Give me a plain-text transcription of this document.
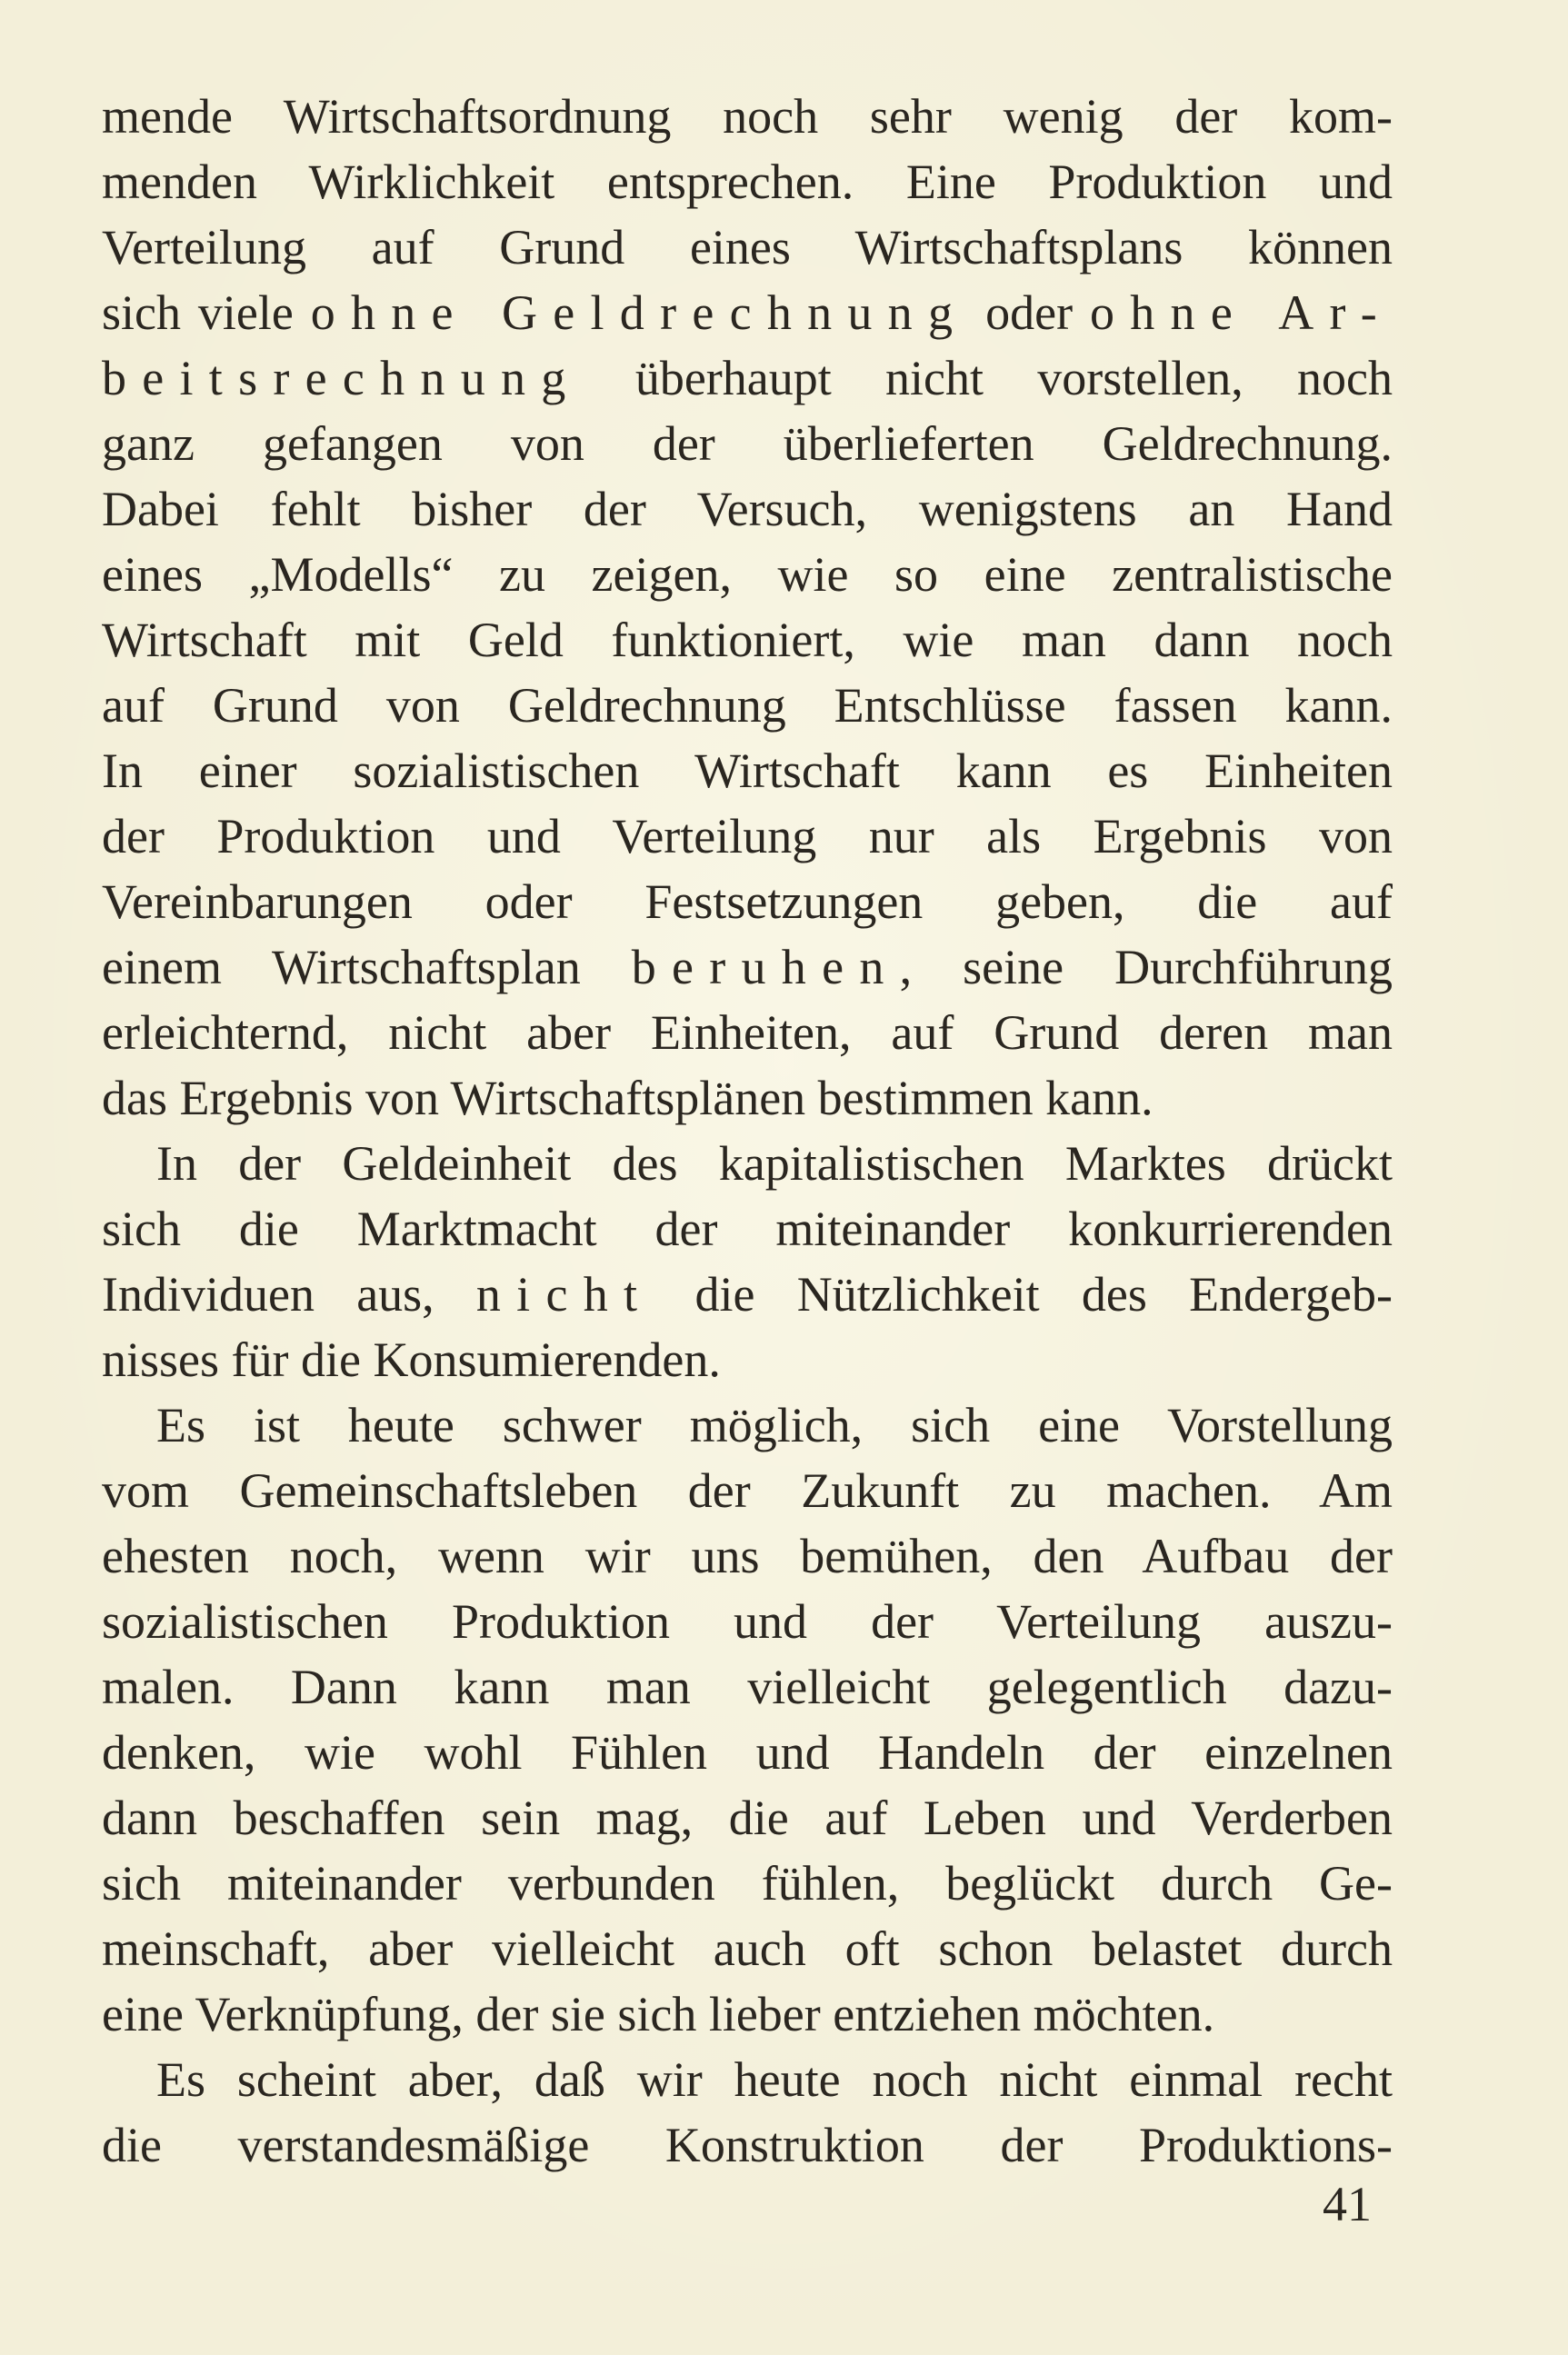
mende Wirtschaftsordnung noch sehr wenig der kom-
menden Wirklichkeit entsprechen. Eine Produktion und
Verteilung auf Grund eines Wirtschaftsplans können
sich viele ohne Geldrechnung oder ohne Ar-
beitsrechnung überhaupt nicht vorstellen, noch
ganz gefangen von der überlieferten Geldrechnung.
Dabei fehlt bisher der Versuch, wenigstens an Hand
eines „Modells“ zu zeigen, wie so eine zentralistische
Wirtschaft mit Geld funktioniert, wie man dann noch
auf Grund von Geldrechnung Entschlüsse fassen kann.
In einer sozialistischen Wirtschaft kann es Einheiten
der Produktion und Verteilung nur als Ergebnis von
Vereinbarungen oder Festsetzungen geben, die auf
einem Wirtschaftsplan beruhen, seine Durchführung
erleichternd, nicht aber Einheiten, auf Grund deren man
das Ergebnis von Wirtschaftsplänen bestimmen kann.
In der Geldeinheit des kapitalistischen Marktes drückt
sich die Marktmacht der miteinander konkurrierenden
Individuen aus, nicht die Nützlichkeit des Endergeb-
nisses für die Konsumierenden.
Es ist heute schwer möglich, sich eine Vorstellung
vom Gemeinschaftsleben der Zukunft zu machen. Am
ehesten noch, wenn wir uns bemühen, den Aufbau der
sozialistischen Produktion und der Verteilung auszu-
malen. Dann kann man vielleicht gelegentlich dazu-
denken, wie wohl Fühlen und Handeln der einzelnen
dann beschaffen sein mag, die auf Leben und Verderben
sich miteinander verbunden fühlen, beglückt durch Ge-
meinschaft, aber vielleicht auch oft schon belastet durch
eine Verknüpfung, der sie sich lieber entziehen möchten.
Es scheint aber, daß wir heute noch nicht einmal recht
die verstandesmäßige Konstruktion der Produktions-
41
